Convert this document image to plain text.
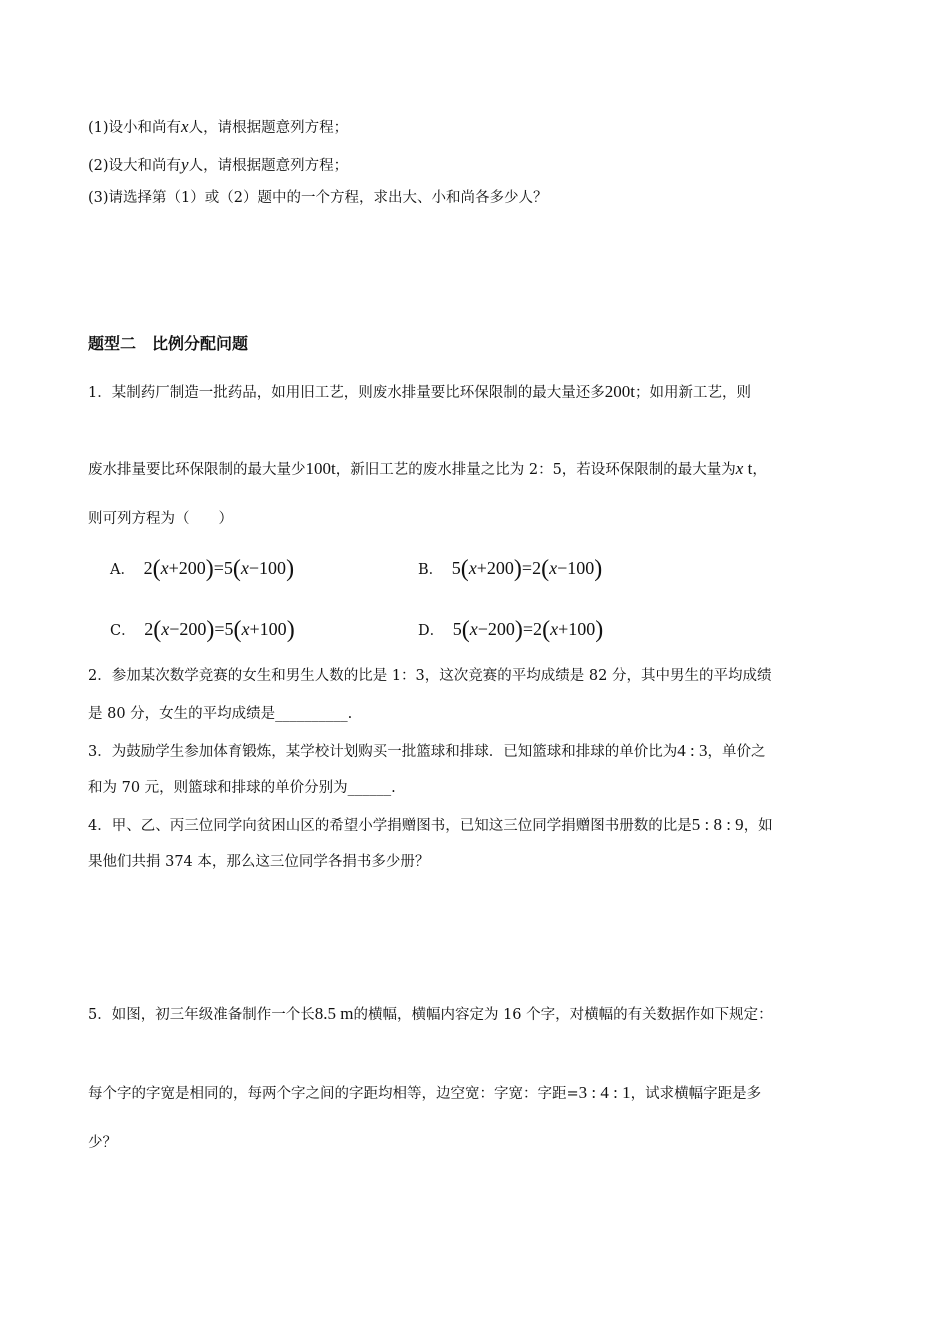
(1)设小和尚有x人，请根据题意列方程；
(2)设大和尚有y人，请根据题意列方程；
(3)请选择第（1）或（2）题中的一个方程，求出大、小和尚各多少人？
题型二　比例分配问题
1．某制药厂制造一批药品，如用旧工艺，则废水排量要比环保限制的最大量还多200t；如用新工艺，则
废水排量要比环保限制的最大量少100t，新旧工艺的废水排量之比为 2：5，若设环保限制的最大量为x t，
则可列方程为（　　）
A． 2(x+200)=5(x−100)	B． 5(x+200)=2(x−100)
C． 2(x−200)=5(x+100)	D． 5(x−200)=2(x+100)
2．参加某次数学竞赛的女生和男生人数的比是 1：3，这次竞赛的平均成绩是 82 分，其中男生的平均成绩
是 80 分，女生的平均成绩是__________.
3．为鼓励学生参加体育锻炼，某学校计划购买一批篮球和排球．已知篮球和排球的单价比为4 : 3，单价之
和为 70 元，则篮球和排球的单价分别为______.
4．甲、乙、丙三位同学向贫困山区的希望小学捐赠图书，已知这三位同学捐赠图书册数的比是5 : 8 : 9，如
果他们共捐 374 本，那么这三位同学各捐书多少册？
5．如图，初三年级准备制作一个长8.5 m的横幅，横幅内容定为 16 个字，对横幅的有关数据作如下规定：
每个字的字宽是相同的，每两个字之间的字距均相等，边空宽：字宽：字距=3 : 4 : 1，试求横幅字距是多
少？
